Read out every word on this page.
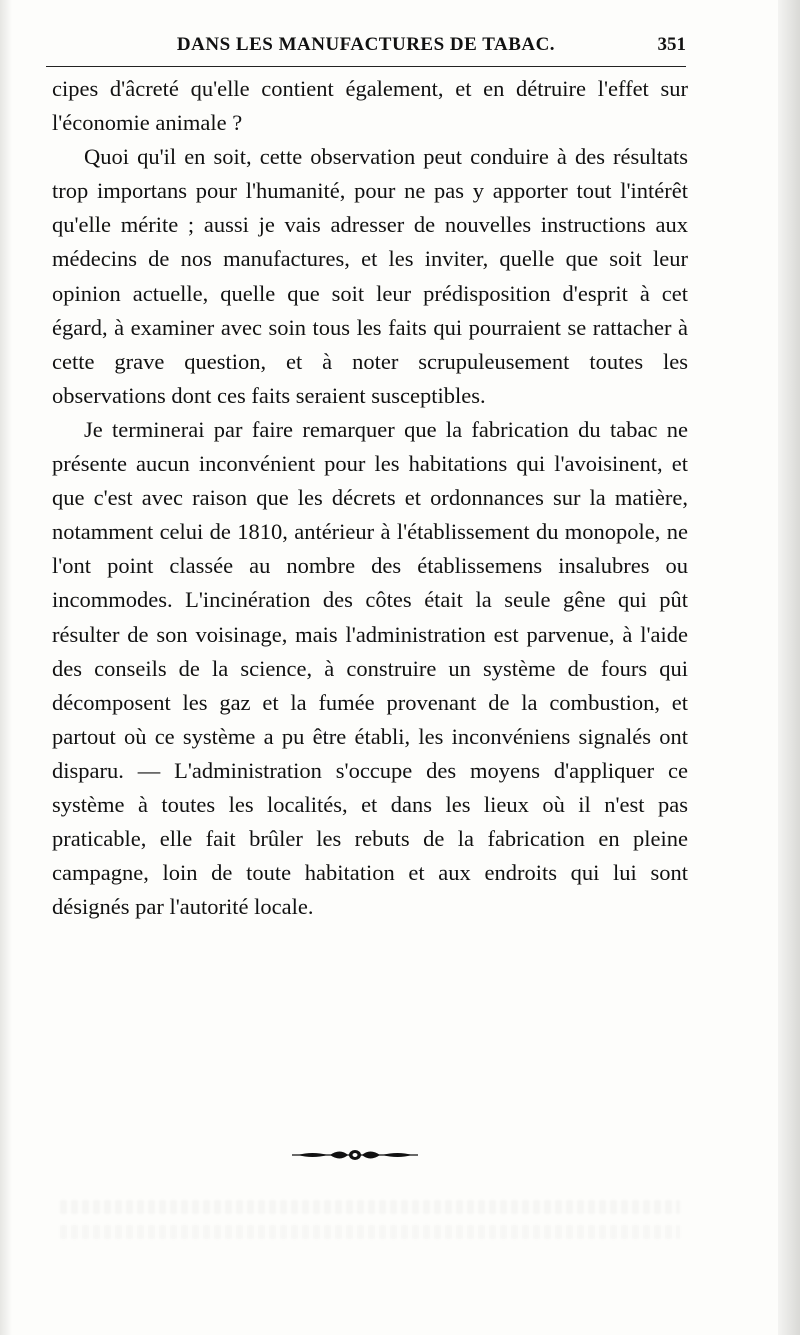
DANS LES MANUFACTURES DE TABAC.	351

cipes d'âcreté qu'elle contient également, et en détruire l'effet sur l'économie animale ?

Quoi qu'il en soit, cette observation peut conduire à des résultats trop importans pour l'humanité, pour ne pas y apporter tout l'intérêt qu'elle mérite ; aussi je vais adresser de nouvelles instructions aux médecins de nos manufactures, et les inviter, quelle que soit leur opinion actuelle, quelle que soit leur prédisposition d'esprit à cet égard, à examiner avec soin tous les faits qui pourraient se rattacher à cette grave question, et à noter scrupuleusement toutes les observations dont ces faits seraient susceptibles.

Je terminerai par faire remarquer que la fabrication du tabac ne présente aucun inconvénient pour les habitations qui l'avoisinent, et que c'est avec raison que les décrets et ordonnances sur la matière, notamment celui de 1810, antérieur à l'établissement du monopole, ne l'ont point classée au nombre des établissemens insalubres ou incommodes. L'incinération des côtes était la seule gêne qui pût résulter de son voisinage, mais l'administration est parvenue, à l'aide des conseils de la science, à construire un système de fours qui décomposent les gaz et la fumée provenant de la combustion, et partout où ce système a pu être établi, les inconvéniens signalés ont disparu. — L'administration s'occupe des moyens d'appliquer ce système à toutes les localités, et dans les lieux où il n'est pas praticable, elle fait brûler les rebuts de la fabrication en pleine campagne, loin de toute habitation et aux endroits qui lui sont désignés par l'autorité locale.
